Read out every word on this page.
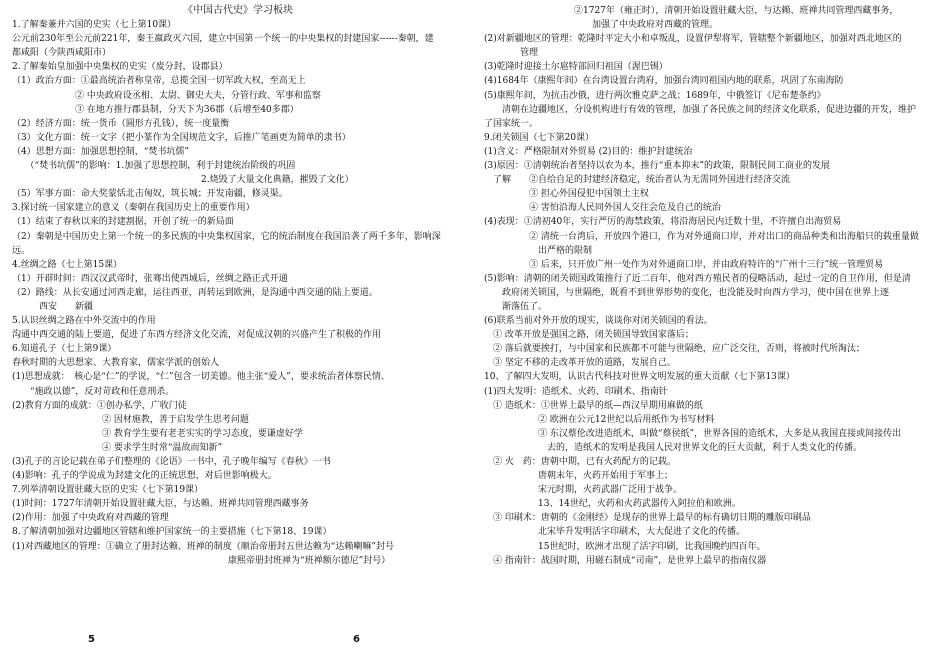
《中国古代史》学习板块
1.了解秦兼并六国的史实（七上第10课）
公元前230年至公元前221年，秦王嬴政灭六国，建立中国第一个统一的中央集权的封建国家------秦朝，建
都咸阳（今陕西咸阳市）
2.了解秦始皇加强中央集权的史实（废分封，设郡县）
（1）政治方面：①最高统治者称皇帝，总揽全国一切军政大权，至高无上
　　　　　　　② 中央政府设丞相、太尉、御史大夫，分管行政、军事和监察
　　　　　　　③ 在地方推行郡县制，分天下为36郡（后增至40多郡）
（2）经济方面：统一货币（圆形方孔钱），统一度量衡
（3）文化方面：统一文字（把小篆作为全国规范文字，后推广笔画更为简单的隶书）
（4）思想方面：加强思想控制，“焚书坑儒”
　　（“焚书坑儒”的影响：1.加强了思想控制，利于封建统治阶级的巩固
　　　　　　　　　　　　　　　　　　　　　2.烧毁了大量文化典籍，摧毁了文化）
（5）军事方面：命大奖蒙恬北击匈奴，筑长城；开发南疆，修灵渠。
3.探讨统一国家建立的意义（秦朝在我国历史上的重要作用）
（1）结束了春秋以来的封建割据，开创了统一的新局面
（2）秦朝是中国历史上第一个统一的多民族的中央集权国家，它的统治制度在我国沿袭了两千多年，影响深
远。
4.丝绸之路（七上第15课）
（1）开辟时间：西汉汉武帝时，张骞出使西域后，丝绸之路正式开通
（2）路线：从长安通过河西走廊，运往西亚，再转运到欧洲，是沟通中西交通的陆上要道。
　　　西安　　新疆
5.认识丝绸之路在中外交流中的作用
沟通中西交通的陆上要道，促进了东西方经济文化交流，对促成汉朝的兴盛产生了积极的作用
6.知道孔子（七上第9课）
春秋时期的大思想家、大教育家，儒家学派的创始人
(1)思想成就：　核心是“仁”的学说，“仁”包含一切美德。他主张“爱人”，要求统治者体察民情、
　　“施政以德”，反对苛政和任意刑杀。
(2)教育方面的成就：①创办私学，广收门徒
　　　　　　　　　　② 因材施教，善于启发学生思考问题
　　　　　　　　　　③ 教育学生要有老老实实的学习态度，要谦虚好学
　　　　　　　　　　④ 要求学生时常“温故而知新”
(3)孔子的言论记载在弟子们整理的《论语》一书中，孔子晚年编写《春秋》一书
(4)影响：孔子的学说成为封建文化的正统思想，对后世影响极大。
7.列举清朝设置驻藏大臣的史实（七下第19课）
(1)时间：1727年清朝开始设置驻藏大臣，与达赖、班禅共同管理西藏事务
(2)作用：加强了中央政府对西藏的管理
8.了解清朝加强对边疆地区管辖和维护国家统一的主要措施（七下第18、19课）
(1)对西藏地区的管理：①确立了册封达赖、班禅的制度（顺治帝册封五世达赖为“达赖喇嘛”封号
　　　　　　　　　　　　　　　　　　　　　　　　康熙帝册封班禅为“班禅额尔德尼”封号）
　　　　　　　　　　②1727年（雍正时），清朝开始设置驻藏大臣，与达赖、班禅共同管理西藏事务，
　　　　　　　　　　　　加强了中央政府对西藏的管理。
(2)对新疆地区的管理：乾隆时平定大小和卓叛乱，设置伊犁将军，管辖整个新疆地区，加强对西北地区的
　　　　管理
(3)乾隆时迎接土尔扈特部回归祖国（渥巴锡）
(4)1684年（康熙年间）在台湾设置台湾府，加强台湾同祖国内地的联系，巩固了东南海防
(5)康熙年间，为抗击沙俄，进行两次雅克萨之战；1689年，中俄签订《尼布楚条约》
　　清朝在边疆地区，分设机构进行有效的管理，加强了各民族之间的经济文化联系，促进边疆的开发，维护
了国家统一。
9.闭关锁国（七下第20课）
(1)含义：严格限制对外贸易 (2)目的：维护封建统治
(3)原因：①清朝统治者坚持以农为本，推行“重本抑末”的政策，限制民间工商业的发展
　了解　　②自给自足的封建经济稳定，统治者认为无需同外国进行经济交流
　　　　　③ 担心外国侵犯中国领土主权
　　　　　④ 害怕沿海人民同外国人交往会危及自己的统治
(4)表现：①清初40年，实行严厉的海禁政策，将沿海居民内迁数十里，不许擅自出海贸易
　　　　　② 清统一台湾后，开放四个港口，作为对外通商口岸，并对出口的商品种类和出海船只的载重量做
　　　　　　出严格的限制
　　　　　③ 后来，只开放广州一处作为对外通商口岸，并由政府特许的“广州十三行”统一管理贸易
(5)影响：清朝的闭关锁国政策推行了近二百年，他对西方殖民者的侵略活动，起过一定的自卫作用，但是清
　　政府闭关锁国，与世隔绝，既看不到世界形势的变化，也没能及时向西方学习，使中国在世界上逐
　　渐落伍了。
(6)联系当前对外开放的现实，谈谈你对闭关锁国的看法。
　① 改革开放是强国之路，闭关锁国导致国家落后；
　② 落后就要挨打，与中国家和民族都不可能与世隔绝，应广泛交往，否则，将被时代所淘汰；
　③ 坚定不移的走改革开放的道路，发展自己。
10、了解四大发明，认识古代科技对世界文明发展的重大贡献（七下第13课）
(1)四大发明：造纸术、火药、印刷术、指南针
　① 造纸术：①世界上最早的纸—西汉早期用麻做的纸
　　　　　　② 欧洲在公元12世纪以后用纸作为书写材料
　　　　　　③ 东汉蔡伦改进造纸术，叫做“蔡侯纸”，世界各国的造纸术，大多是从我国直接或间接传出
　　　　　　　去的，造纸术的发明是我国人民对世界文化的巨大贡献，利于人类文化的传播。
　② 火　药：唐朝中期，已有火药配方的记载。
　　　　　　唐朝末年，火药开始用于军事上；
　　　　　　宋元时期，火药武器广泛用于战争。
　　　　　　13、14世纪，火药和火药武器传入阿拉伯和欧洲。
　③ 印刷术：唐朝的《金刚经》是现存的世界上最早的标有确切日期的雕版印刷品
　　　　　　北宋毕升发明活字印刷术，大大促进了文化的传播。
　　　　　　15世纪时，欧洲才出现了活字印刷，比我国晚约四百年。
　④ 指南针：战国时期，用磁石制成“司南”，是世界上最早的指南仪器
5	6
